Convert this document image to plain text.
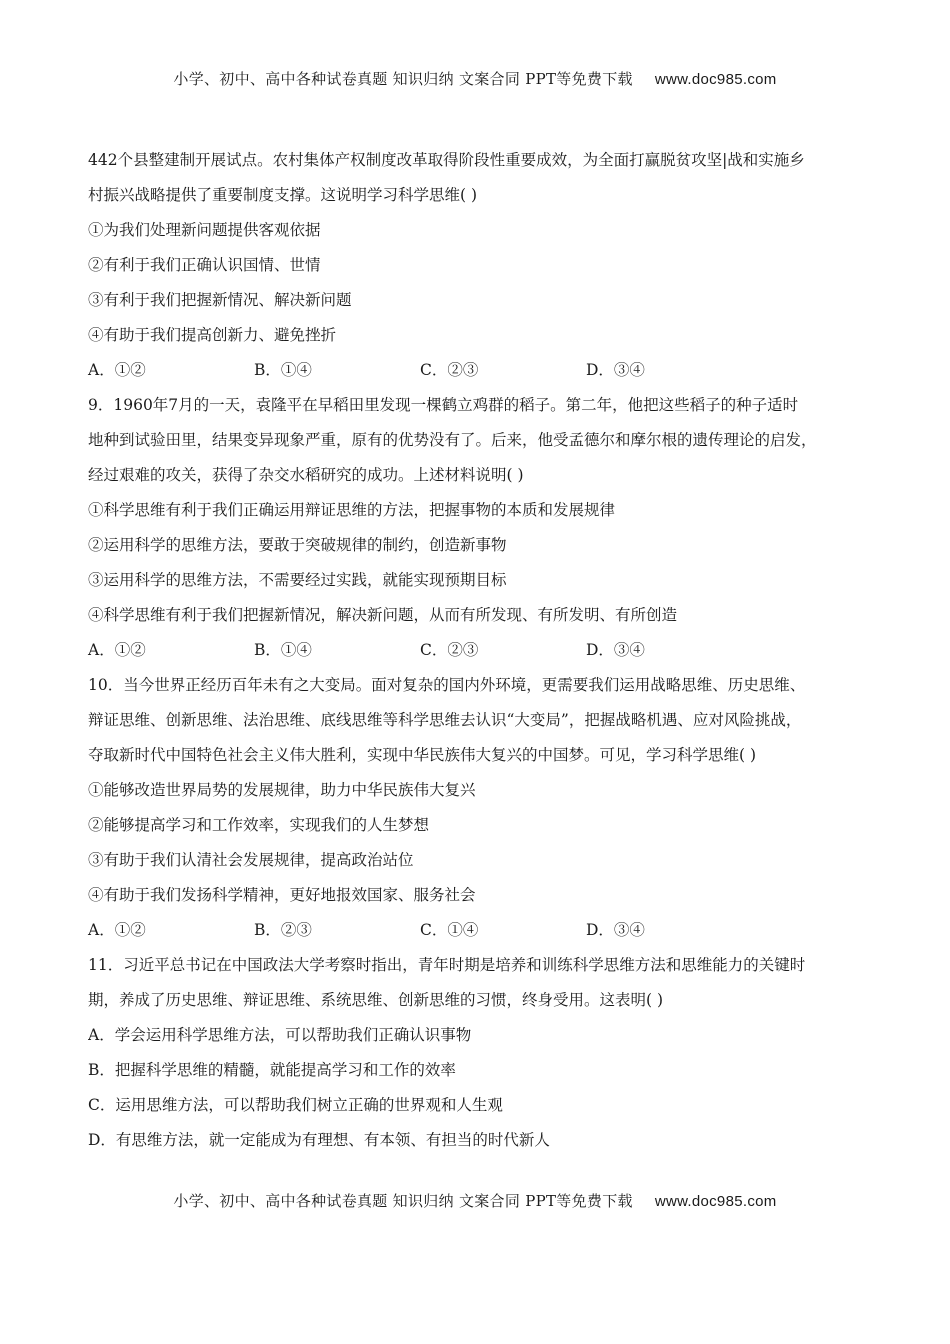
小学、初中、高中各种试卷真题 知识归纳 文案合同 PPT等免费下载 www.doc985.com
442个县整建制开展试点。农村集体产权制度改革取得阶段性重要成效，为全面打赢脱贫攻坚|战和实施乡
村振兴战略提供了重要制度支撑。这说明学习科学思维( )
①为我们处理新问题提供客观依据
②有利于我们正确认识国情、世情
③有利于我们把握新情况、解决新问题
④有助于我们提高创新力、避免挫折
A．①②	B．①④	C．②③	D．③④
9．1960年7月的一天，袁隆平在早稻田里发现一棵鹤立鸡群的稻子。第二年，他把这些稻子的种子适时
地种到试验田里，结果变异现象严重，原有的优势没有了。后来，他受孟德尔和摩尔根的遗传理论的启发，
经过艰难的攻关，获得了杂交水稻研究的成功。上述材料说明( )
①科学思维有利于我们正确运用辩证思维的方法，把握事物的本质和发展规律
②运用科学的思维方法，要敢于突破规律的制约，创造新事物
③运用科学的思维方法，不需要经过实践，就能实现预期目标
④科学思维有利于我们把握新情况，解决新问题，从而有所发现、有所发明、有所创造
A．①②	B．①④	C．②③	D．③④
10．当今世界正经历百年未有之大变局。面对复杂的国内外环境，更需要我们运用战略思维、历史思维、
辩证思维、创新思维、法治思维、底线思维等科学思维去认识“大变局”，把握战略机遇、应对风险挑战，
夺取新时代中国特色社会主义伟大胜利，实现中华民族伟大复兴的中国梦。可见，学习科学思维( )
①能够改造世界局势的发展规律，助力中华民族伟大复兴
②能够提高学习和工作效率，实现我们的人生梦想
③有助于我们认清社会发展规律，提高政治站位
④有助于我们发扬科学精神，更好地报效国家、服务社会
A．①②	B．②③	C．①④	D．③④
11．习近平总书记在中国政法大学考察时指出，青年时期是培养和训练科学思维方法和思维能力的关键时
期，养成了历史思维、辩证思维、系统思维、创新思维的习惯，终身受用。这表明( )
A．学会运用科学思维方法，可以帮助我们正确认识事物
B．把握科学思维的精髓，就能提高学习和工作的效率
C．运用思维方法，可以帮助我们树立正确的世界观和人生观
D．有思维方法，就一定能成为有理想、有本领、有担当的时代新人
小学、初中、高中各种试卷真题 知识归纳 文案合同 PPT等免费下载 www.doc985.com
